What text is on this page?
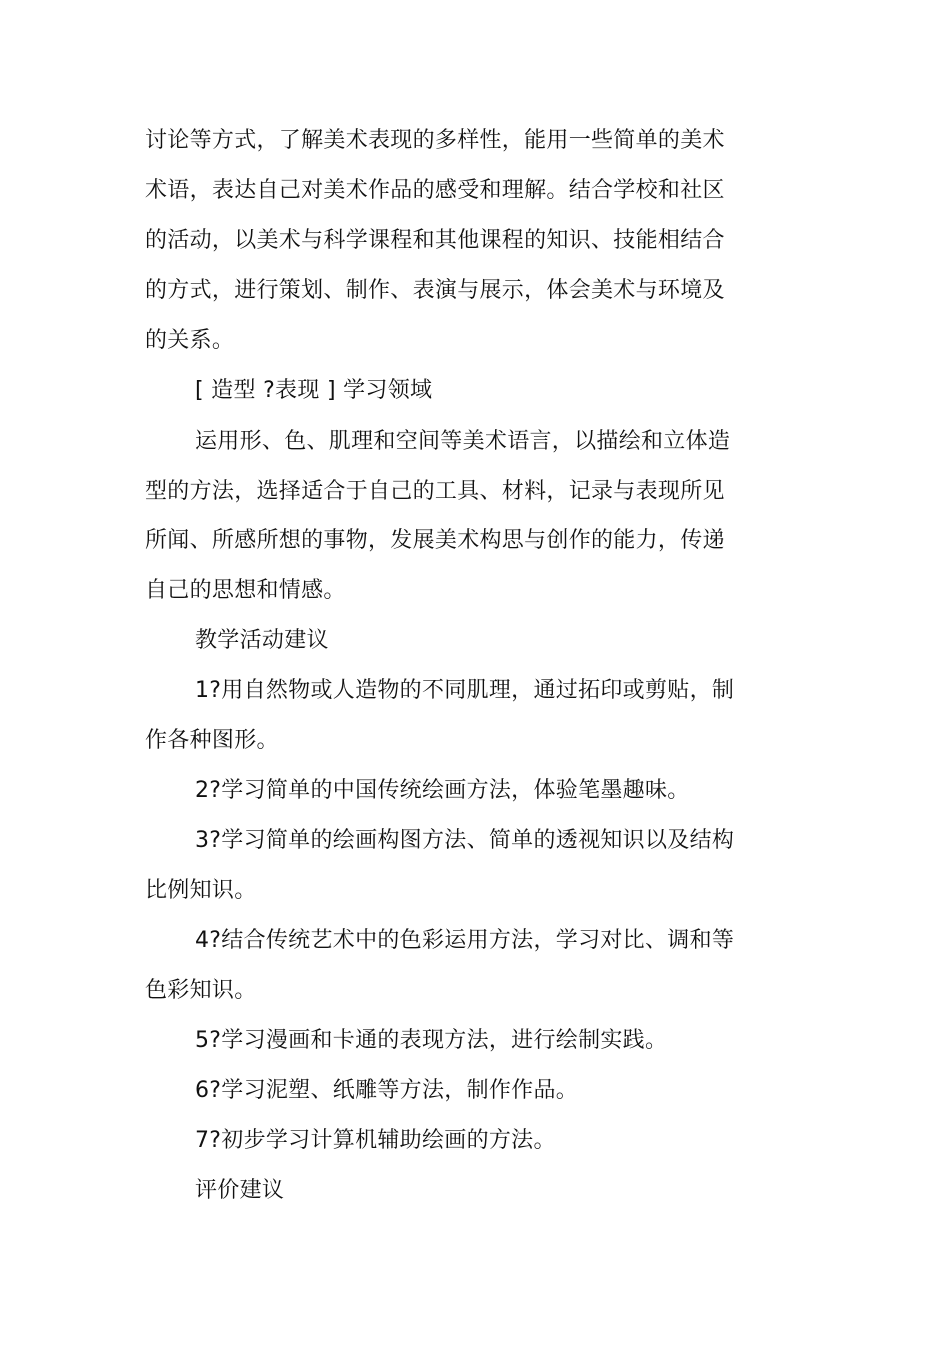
讨论等方式，了解美术表现的多样性，能用一些简单的美术
术语，表达自己对美术作品的感受和理解。结合学校和社区
的活动，以美术与科学课程和其他课程的知识、技能相结合
的方式，进行策划、制作、表演与展示，体会美术与环境及
的关系。
[ 造型 ?表现 ] 学习领域
运用形、色、肌理和空间等美术语言，以描绘和立体造
型的方法，选择适合于自己的工具、材料，记录与表现所见
所闻、所感所想的事物，发展美术构思与创作的能力，传递
自己的思想和情感。
教学活动建议
1?用自然物或人造物的不同肌理，通过拓印或剪贴，制
作各种图形。
2?学习简单的中国传统绘画方法，体验笔墨趣味。
3?学习简单的绘画构图方法、简单的透视知识以及结构
比例知识。
4?结合传统艺术中的色彩运用方法，学习对比、调和等
色彩知识。
5?学习漫画和卡通的表现方法，进行绘制实践。
6?学习泥塑、纸雕等方法，制作作品。
7?初步学习计算机辅助绘画的方法。
评价建议
